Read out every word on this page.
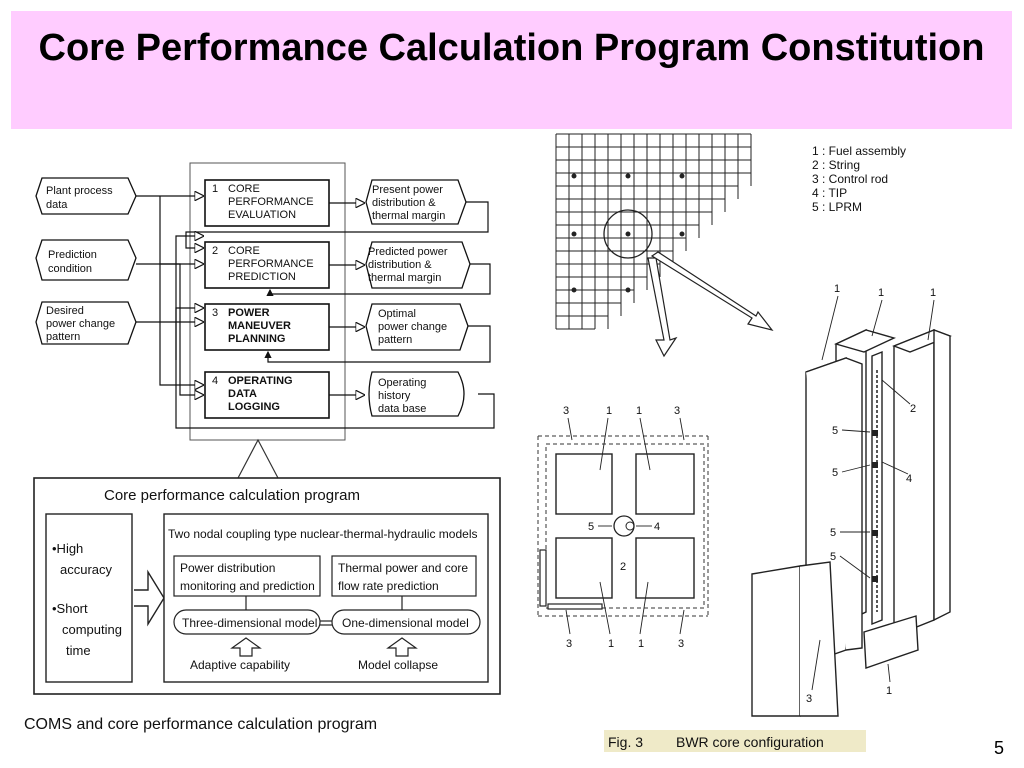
Core Performance Calculation Program Constitution

Plant process
data
Prediction
condition
Desired
power change
pattern
1 CORE
PERFORMANCE
EVALUATION
2 CORE
PERFORMANCE
PREDICTION
3 POWER
MANEUVER
PLANNING
4 OPERATING
DATA
LOGGING
Present power
distribution &
thermal margin
Predicted power
distribution &
thermal margin
Optimal
power change
pattern
Operating
history
data base
Core performance calculation program
•High
accuracy
•Short
computing
time
Two nodal coupling type nuclear-thermal-hydraulic models
Power distribution
monitoring and prediction
Thermal power and core
flow rate prediction
Three-dimensional model One-dimensional model
Adaptive capability	Model collapse
COMS and core performance calculation program
1 : Fuel assembly
2 : String
3 : Control rod
4 : TIP
5 : LPRM
3	1 1	3
5	4
2
3	1 1	3
1	1	1
2
5
4
5
5
5
3
1
Fig. 3 BWR core configuration	5
